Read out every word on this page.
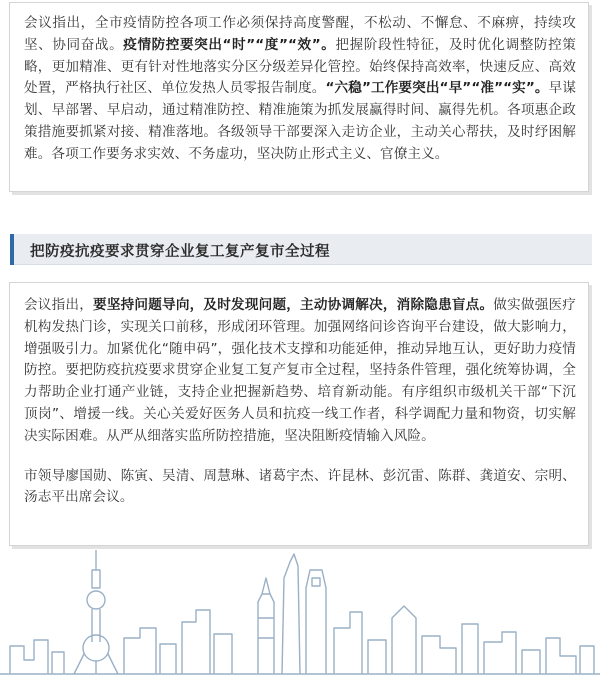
会议指出，全市疫情防控各项工作必须保持高度警醒，不松动、不懈怠、不麻痹，持续攻坚、协同奋战。疫情防控要突出“时”“度”“效”。把握阶段性特征，及时优化调整防控策略，更加精准、更有针对性地落实分区分级差异化管控。始终保持高效率，快速反应、高效处置，严格执行社区、单位发热人员零报告制度。“六稳”工作要突出“早”“准”“实”。早谋划、早部署、早启动，通过精准防控、精准施策为抓发展赢得时间、赢得先机。各项惠企政策措施要抓紧对接、精准落地。各级领导干部要深入走访企业，主动关心帮扶，及时纾困解难。各项工作要务求实效、不务虚功，坚决防止形式主义、官僚主义。

把防疫抗疫要求贯穿企业复工复产复市全过程

会议指出，要坚持问题导向，及时发现问题，主动协调解决，消除隐患盲点。做实做强医疗机构发热门诊，实现关口前移，形成闭环管理。加强网络问诊咨询平台建设，做大影响力，增强吸引力。加紧优化“随申码”，强化技术支撑和功能延伸，推动异地互认，更好助力疫情防控。要把防疫抗疫要求贯穿企业复工复产复市全过程，坚持条件管理，强化统筹协调，全力帮助企业打通产业链，支持企业把握新趋势、培育新动能。有序组织市级机关干部“下沉顶岗”、增援一线。关心关爱好医务人员和抗疫一线工作者，科学调配力量和物资，切实解决实际困难。从严从细落实监所防控措施，坚决阻断疫情输入风险。

市领导廖国勋、陈寅、吴清、周慧琳、诸葛宇杰、许昆林、彭沉雷、陈群、龚道安、宗明、汤志平出席会议。
